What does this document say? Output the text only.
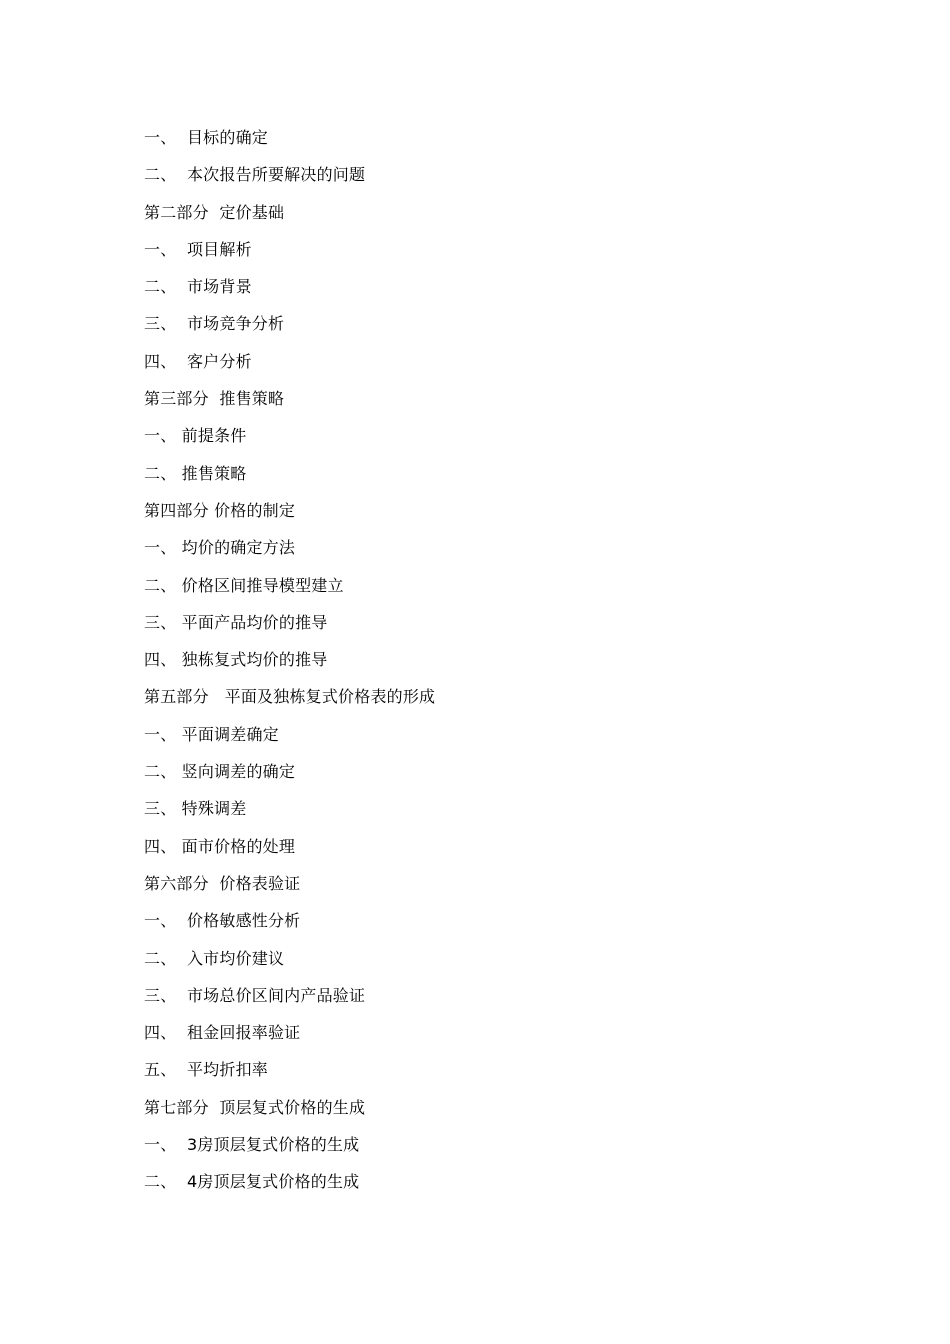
一、  目标的确定
二、  本次报告所要解决的问题
第二部分  定价基础
一、  项目解析
二、  市场背景
三、  市场竞争分析
四、  客户分析
第三部分  推售策略
一、 前提条件
二、 推售策略
第四部分 价格的制定
一、 均价的确定方法
二、 价格区间推导模型建立
三、 平面产品均价的推导
四、 独栋复式均价的推导
第五部分   平面及独栋复式价格表的形成
一、 平面调差确定
二、 竖向调差的确定
三、 特殊调差
四、 面市价格的处理
第六部分  价格表验证
一、  价格敏感性分析
二、  入市均价建议
三、  市场总价区间内产品验证
四、  租金回报率验证
五、  平均折扣率
第七部分  顶层复式价格的生成
一、  3房顶层复式价格的生成
二、  4房顶层复式价格的生成
